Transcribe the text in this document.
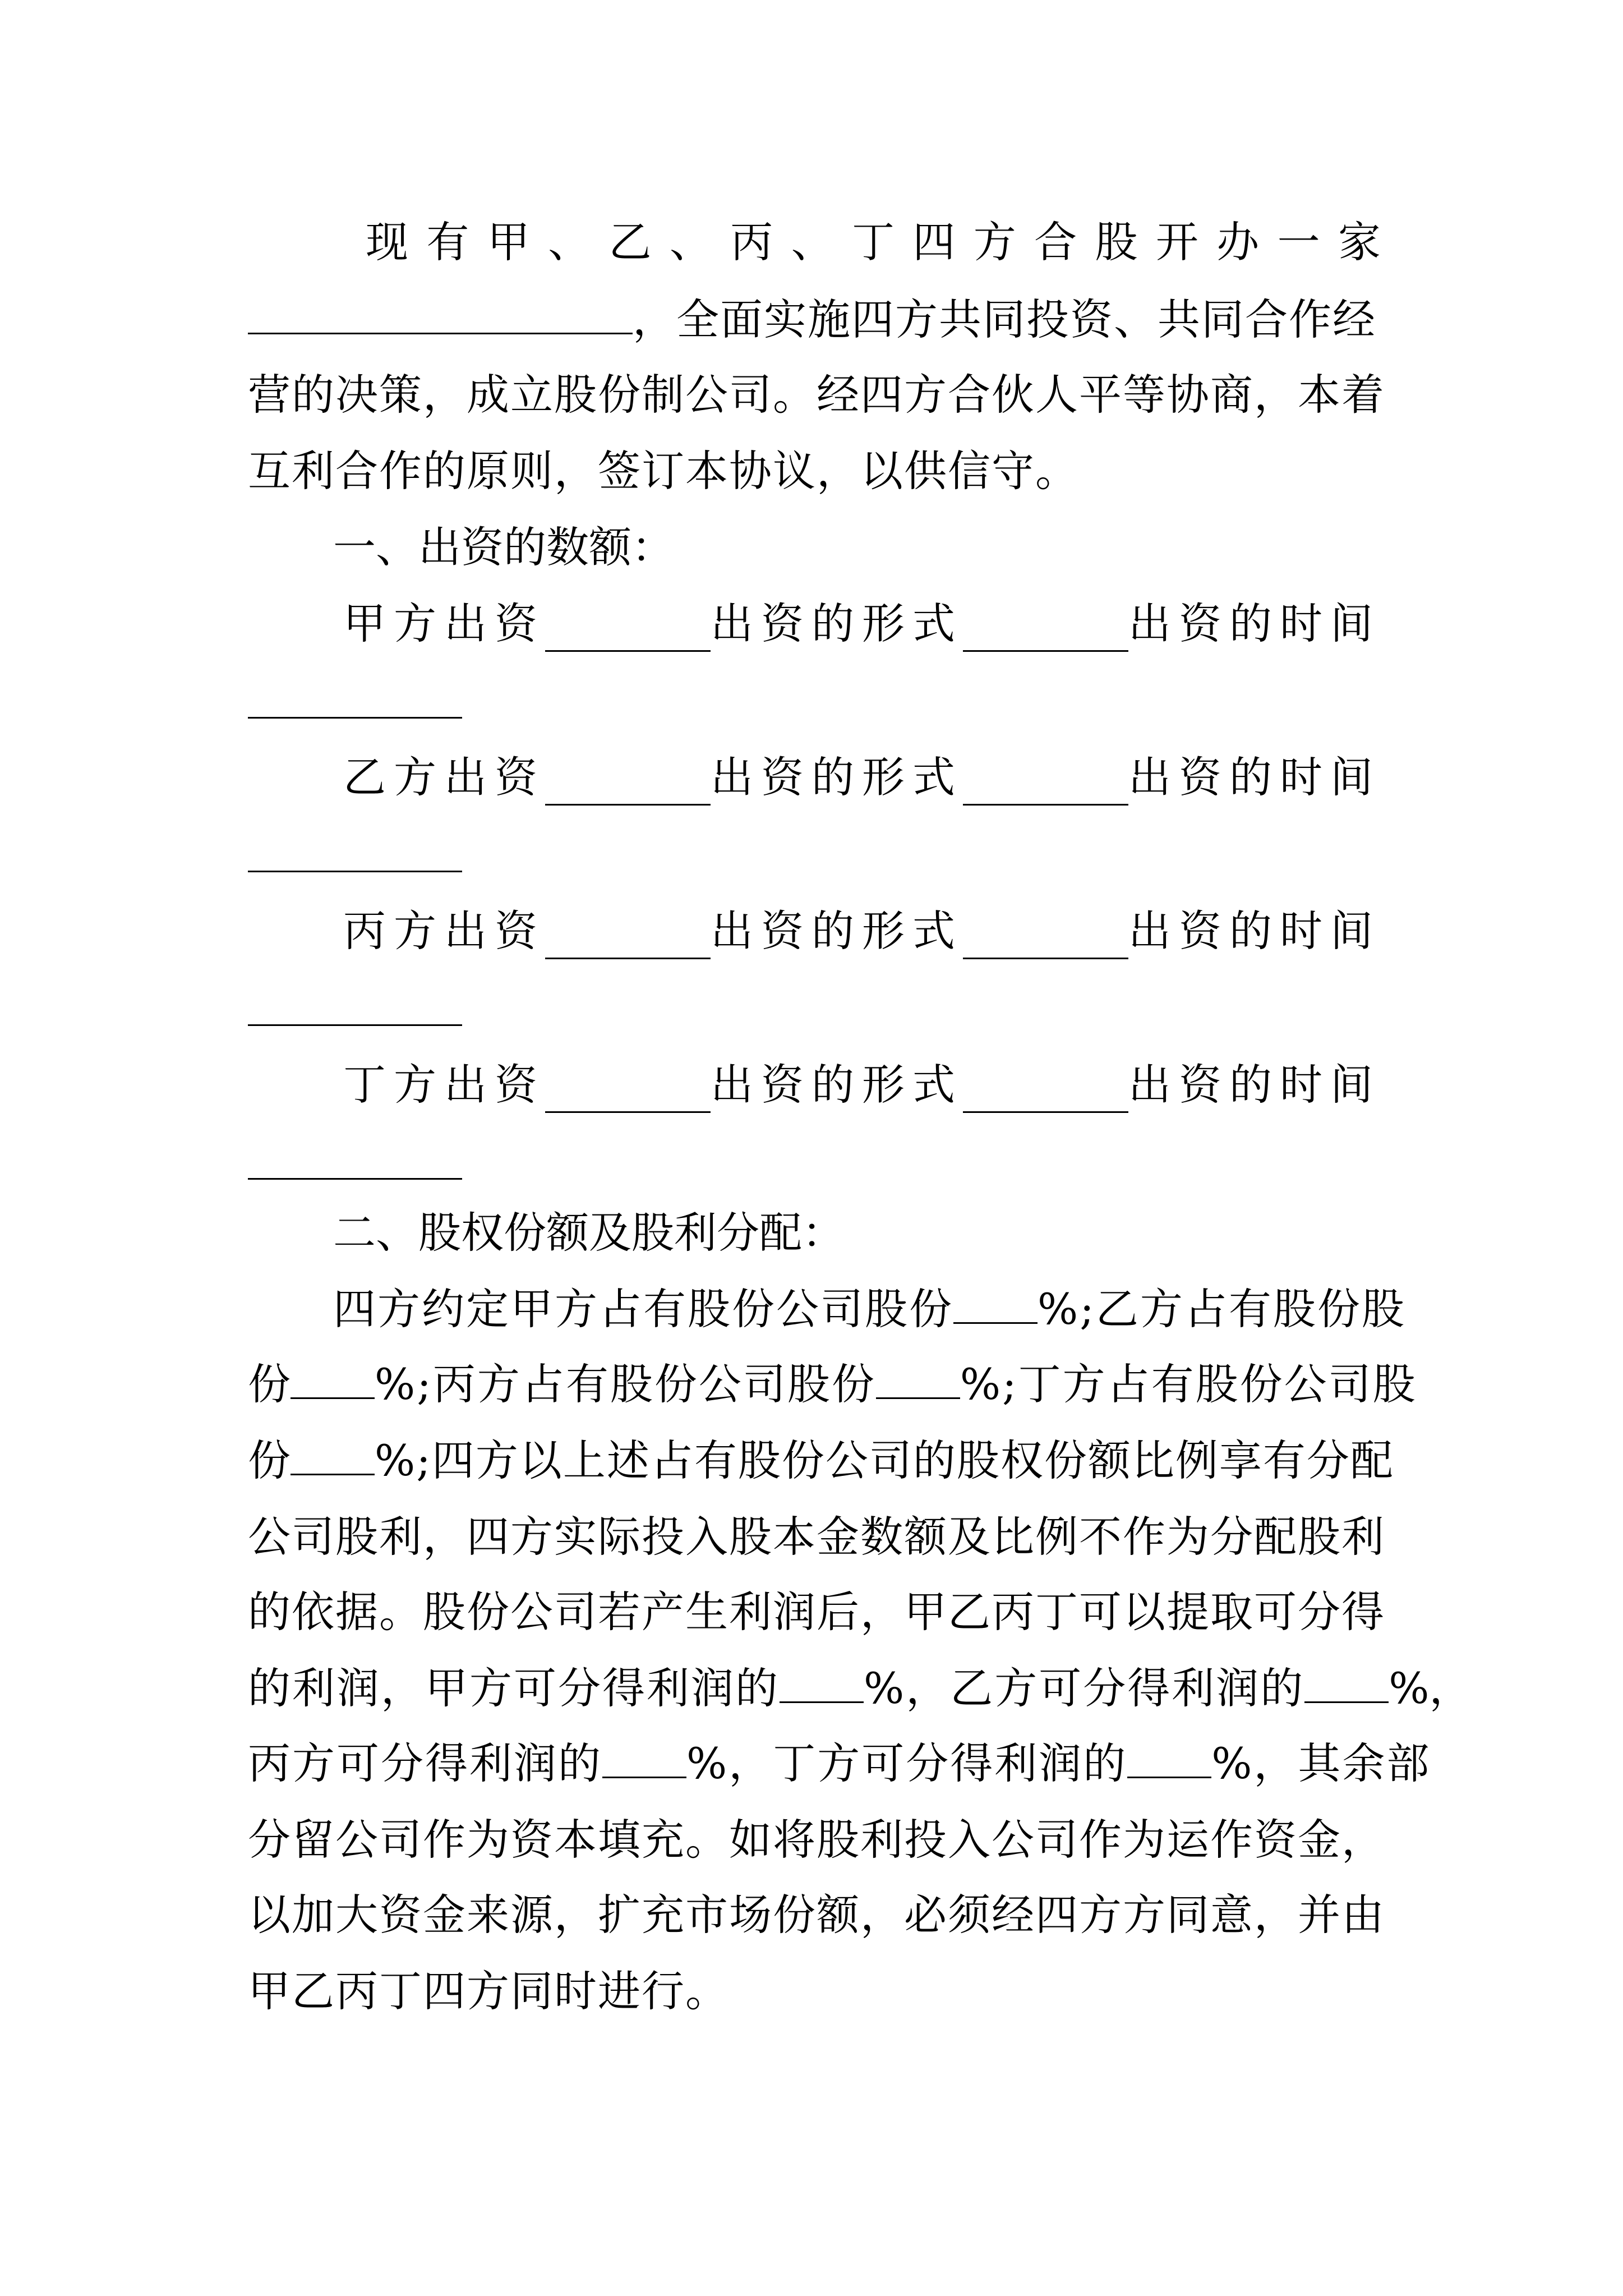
现 有 甲 、 乙 、 丙 、 丁 四 方 合 股 开 办 一 家
，全面实施四方共同投资、共同合作经
营的决策，成立股份制公司。经四方合伙人平等协商，本着
互利合作的原则，签订本协议，以供信守。
一、出资的数额：
甲方出资	出资的形式	出资的时间
乙方出资	出资的形式	出资的时间
丙方出资	出资的形式	出资的时间
丁方出资	出资的形式	出资的时间
二、股权份额及股利分配：
四方约定甲方占有股份公司股份 %;乙方占有股份股
份 %;丙方占有股份公司股份 %;丁方占有股份公司股
份 %;四方以上述占有股份公司的股权份额比例享有分配
公司股利，四方实际投入股本金数额及比例不作为分配股利
的依据。股份公司若产生利润后，甲乙丙丁可以提取可分得
的利润，甲方可分得利润的 %，乙方可分得利润的 %，
丙方可分得利润的 %，丁方可分得利润的 %，其余部
分留公司作为资本填充。如将股利投入公司作为运作资金，
以加大资金来源，扩充市场份额，必须经四方方同意，并由
甲乙丙丁四方同时进行。
